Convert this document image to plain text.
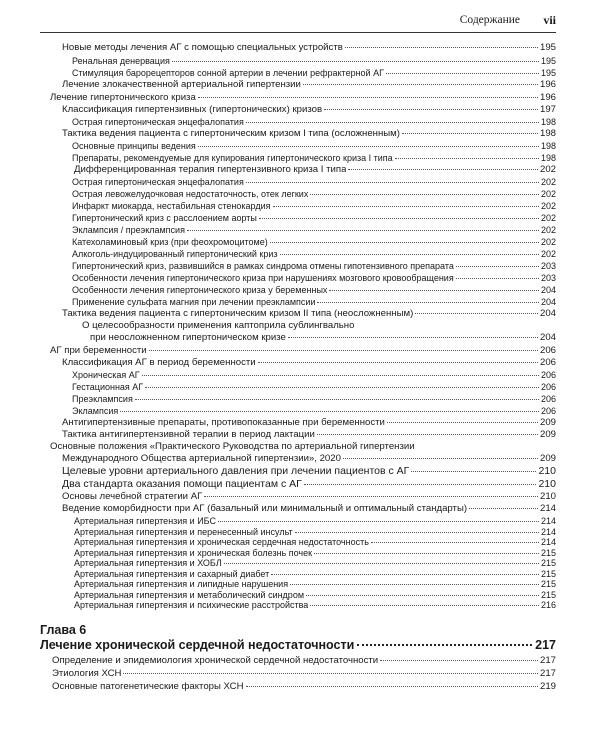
Содержание vii
Новые методы лечения АГ с помощью специальных устройств	195
Ренальная денервация	195
Стимуляция барорецепторов сонной артерии в лечении рефрактерной АГ	195
Лечение злокачественной артериальной гипертензии	196
Лечение гипертонического криза	196
Классификация гипертензивных (гипертонических) кризов	197
Острая гипертоническая энцефалопатия	198
Тактика ведения пациента с гипертоническим кризом I типа (осложненным)	198
Основные принципы ведения	198
Препараты, рекомендуемые для купирования гипертонического криза I типа	198
Дифференцированная терапия гипертензивного криза I типа	202
Острая гипертоническая энцефалопатия	202
Острая левожелудочковая недостаточность, отек легких	202
Инфаркт миокарда, нестабильная стенокардия	202
Гипертонический криз с расслоением аорты	202
Эклампсия / преэклампсия	202
Катехоламиновый криз (при феохромоцитоме)	202
Алкоголь-индуцированный гипертонический криз	202
Гипертонический криз, развившийся в рамках синдрома отмены гипотензивного препарата	203
Особенности лечения гипертонического криза при нарушениях мозгового кровообращения	203
Особенности лечения гипертонического криза у беременных	204
Применение сульфата магния при лечении преэклампсии	204
Тактика ведения пациента с гипертоническим кризом II типа (неосложненным)	204
О целесообразности применения каптоприла сублингвально
при неосложненном гипертоническом кризе	204
АГ при беременности	206
Классификация АГ в период беременности	206
Хроническая АГ	206
Гестационная АГ	206
Преэклампсия	206
Эклампсия	206
Антигипертензивные препараты, противопоказанные при беременности	209
Тактика антигипертензивной терапии в период лактации	209
Основные положения «Практического Руководства по артериальной гипертензии
Международного Общества артериальной гипертензии», 2020	209
Целевые уровни артериального давления при лечении пациентов с АГ	210
Два стандарта оказания помощи пациентам с АГ	210
Основы лечебной стратегии АГ	210
Ведение коморбидности при АГ (базальный или минимальный и оптимальный стандарты)	214
Артериальная гипертензия и ИБС	214
Артериальная гипертензия и перенесенный инсульт	214
Артериальная гипертензия и хроническая сердечная недостаточность	214
Артериальная гипертензия и хроническая болезнь почек	215
Артериальная гипертензия и ХОБЛ	215
Артериальная гипертензия и сахарный диабет	215
Артериальная гипертензия и липидные нарушения	215
Артериальная гипертензия и метаболический синдром	215
Артериальная гипертензия и психические расстройства	216
Глава 6
Лечение хронической сердечной недостаточности	217
Определение и эпидемиология хронической сердечной недостаточности	217
Этиология ХСН	217
Основные патогенетические факторы ХСН	219
